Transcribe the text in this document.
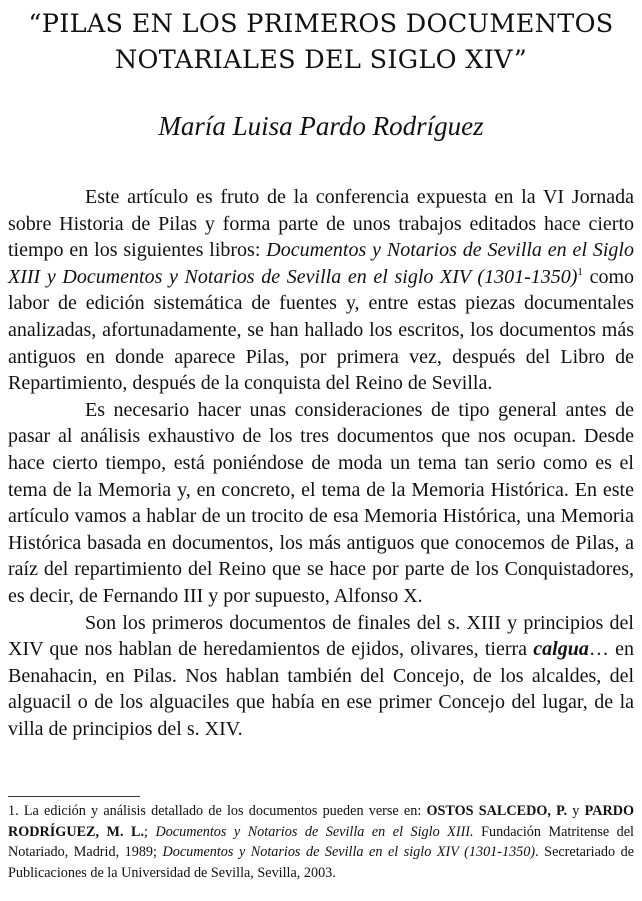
“PILAS EN LOS PRIMEROS DOCUMENTOS
NOTARIALES DEL SIGLO XIV”
María Luisa Pardo Rodríguez

Este artículo es fruto de la conferencia expuesta en la VI Jornada sobre Historia de Pilas y forma parte de unos trabajos editados hace cierto tiempo en los siguientes libros: Documentos y Notarios de Sevilla en el Siglo XIII y Documentos y Notarios de Sevilla en el siglo XIV (1301-1350)$^1$ como labor de edición sistemática de fuentes y, entre estas piezas documentales analizadas, afortunadamente, se han hallado los escritos, los documentos más antiguos en donde aparece Pilas, por primera vez, después del Libro de Repartimiento, después de la conquista del Reino de Sevilla.

Es necesario hacer unas consideraciones de tipo general antes de pasar al análisis exhaustivo de los tres documentos que nos ocupan. Desde hace cierto tiempo, está poniéndose de moda un tema tan serio como es el tema de la Memoria y, en concreto, el tema de la Memoria Histórica. En este artículo vamos a hablar de un trocito de esa Memoria Histórica, una Memoria Histórica basada en documentos, los más antiguos que conocemos de Pilas, a raíz del repartimiento del Reino que se hace por parte de los Conquistadores, es decir, de Fernando III y por supuesto, Alfonso X.

Son los primeros documentos de finales del s. XIII y principios del XIV que nos hablan de heredamientos de ejidos, olivares, tierra calgua… en Benahacin, en Pilas. Nos hablan también del Concejo, de los alcaldes, del alguacil o de los alguaciles que había en ese primer Concejo del lugar, de la villa de principios del s. XIV.

1. La edición y análisis detallado de los documentos pueden verse en: OSTOS SALCEDO, P. y PARDO RODRÍGUEZ, M. L.; Documentos y Notarios de Sevilla en el Siglo XIII. Fundación Matritense del Notariado, Madrid, 1989; Documentos y Notarios de Sevilla en el siglo XIV (1301-1350). Secretariado de Publicaciones de la Universidad de Sevilla, Sevilla, 2003.
